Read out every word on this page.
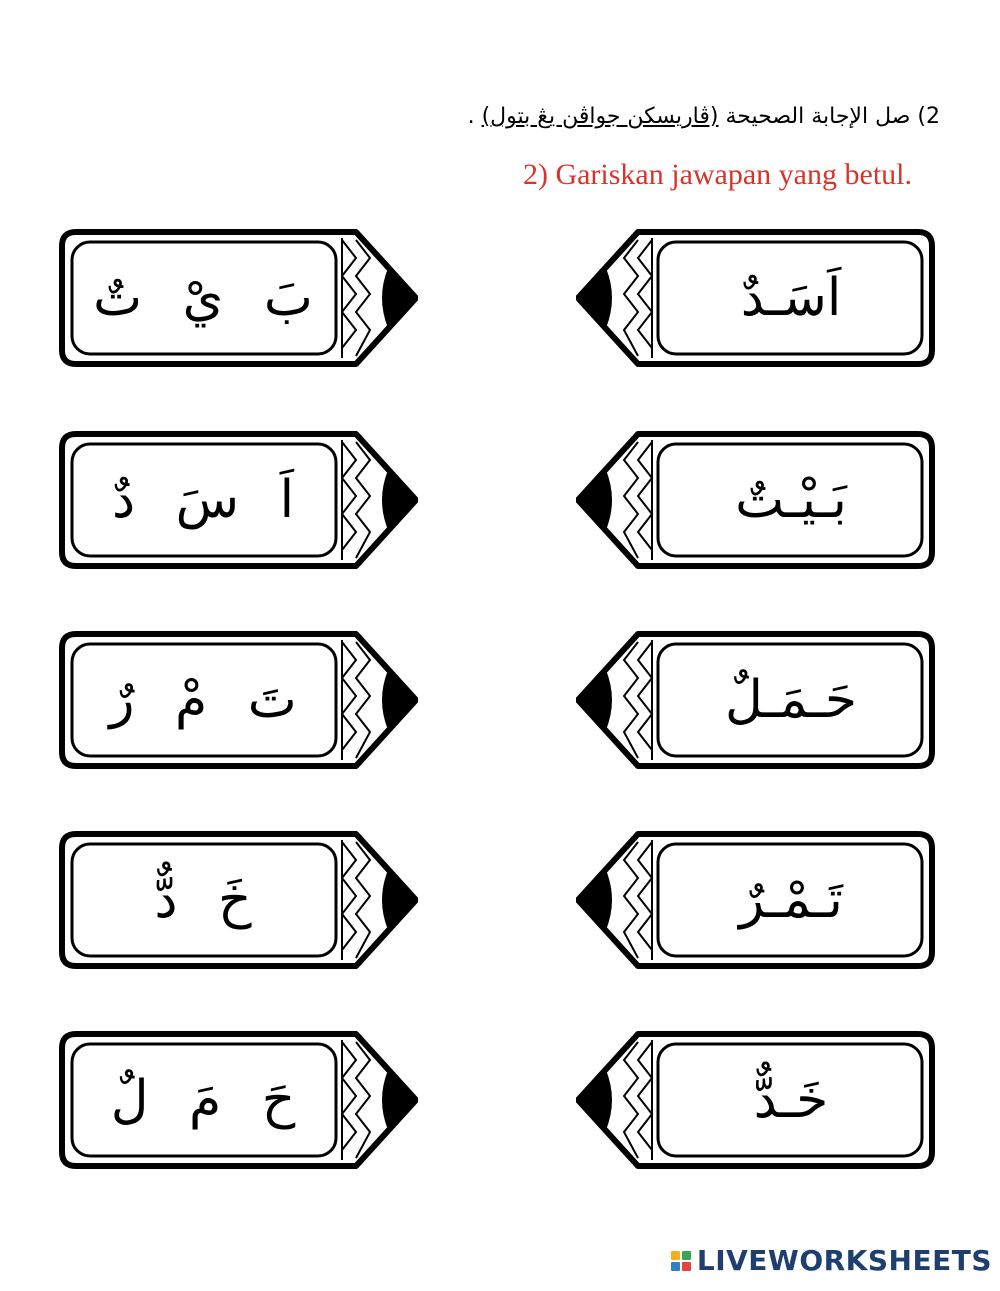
2) صل الإجابة الصحيحة (ڤاريسكن جواڤن يڠ بتول) .
2) Gariskan jawapan yang betul.
بَ يْ تٌ	اَسَـدٌ
اَ سَ دٌ	بَـيْـتٌ
تَ مْ رٌ	حَـمَـلٌ
خَ دٌّ	تَـمْـرٌ
حَ مَ لٌ	خَـدٌّ
LIVEWORKSHEETS
